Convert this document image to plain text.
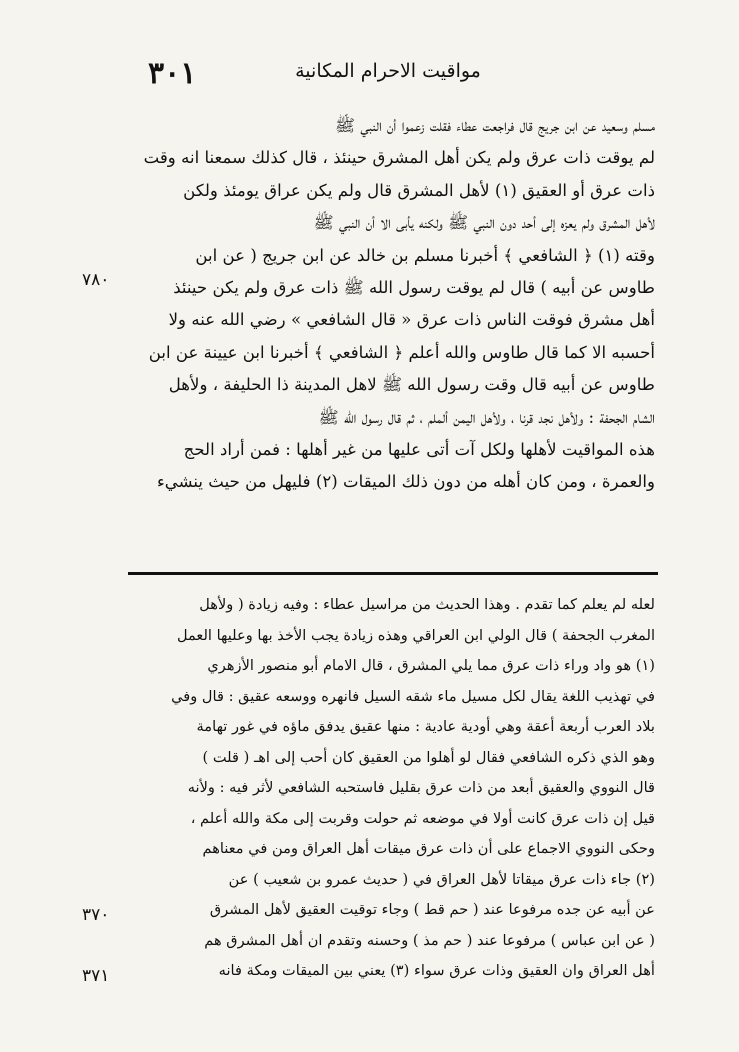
٣٠١	مواقيت الاحرام المكانية
مسلم وسعيد عن ابن جريج قال فراجعت عطاء فقلت زعموا أن النبي ﷺ
لم يوقت ذات عرق ولم يكن أهل المشرق حينئذ ، قال كذلك سمعنا انه وقت
ذات عرق أو العقيق (١) لأهل المشرق قال ولم يكن عراق يومئذ ولكن
لأهل المشرق ولم يعزه إلى أحد دون النبي ﷺ ولكنه يأبى الا أن النبي ﷺ
وقته (١) ﴿ الشافعي ﴾ أخبرنا مسلم بن خالد عن ابن جريج ( عن ابن
طاوس عن أبيه ) قال لم يوقت رسول الله ﷺ ذات عرق ولم يكن حينئذ
أهل مشرق فوقت الناس ذات عرق « قال الشافعي » رضي الله عنه ولا
أحسبه الا كما قال طاوس والله أعلم ﴿ الشافعي ﴾ أخبرنا ابن عيينة عن ابن
طاوس عن أبيه قال وقت رسول الله ﷺ لاهل المدينة ذا الحليفة ، ولأهل
الشام الجحفة : ولأهل نجد قرنا ، ولأهل اليمن ألملم ، ثم قال رسول الله ﷺ
هذه المواقيت لأهلها ولكل آت أتى عليها من غير أهلها : فمن أراد الحج
والعمرة ، ومن كان أهله من دون ذلك الميقات (٢) فليهل من حيث ينشيء
٧٨٠
لعله لم يعلم كما تقدم . وهذا الحديث من مراسيل عطاء : وفيه زيادة ( ولأهل
المغرب الجحفة ) قال الولي ابن العراقي وهذه زيادة يجب الأخذ بها وعليها العمل
(١) هو واد وراء ذات عرق مما يلي المشرق ، قال الامام أبو منصور الأزهري
في تهذيب اللغة يقال لكل مسيل ماء شقه السيل فانهره ووسعه عقيق : قال وفي
بلاد العرب أربعة أعقة وهي أودية عادية : منها عقيق يدفق ماؤه في غور تهامة
وهو الذي ذكره الشافعي فقال لو أهلوا من العقيق كان أحب إلى اهـ ( قلت )
قال النووي والعقيق أبعد من ذات عرق بقليل فاستحبه الشافعي لأثر فيه : ولأنه
قيل إن ذات عرق كانت أولا في موضعه ثم حولت وقربت إلى مكة والله أعلم ،
وحكى النووي الاجماع على أن ذات عرق ميقات أهل العراق ومن في معناهم
(٢) جاء ذات عرق ميقاتا لأهل العراق في ( حديث عمرو بن شعيب ) عن
عن أبيه عن جده مرفوعا عند ( حم قط ) وجاء توقيت العقيق لأهل المشرق
( عن ابن عباس ) مرفوعا عند ( حم مذ ) وحسنه وتقدم ان أهل المشرق هم
أهل العراق وان العقيق وذات عرق سواء (٣) يعني بين الميقات ومكة فانه
٣٧٠
٣٧١
